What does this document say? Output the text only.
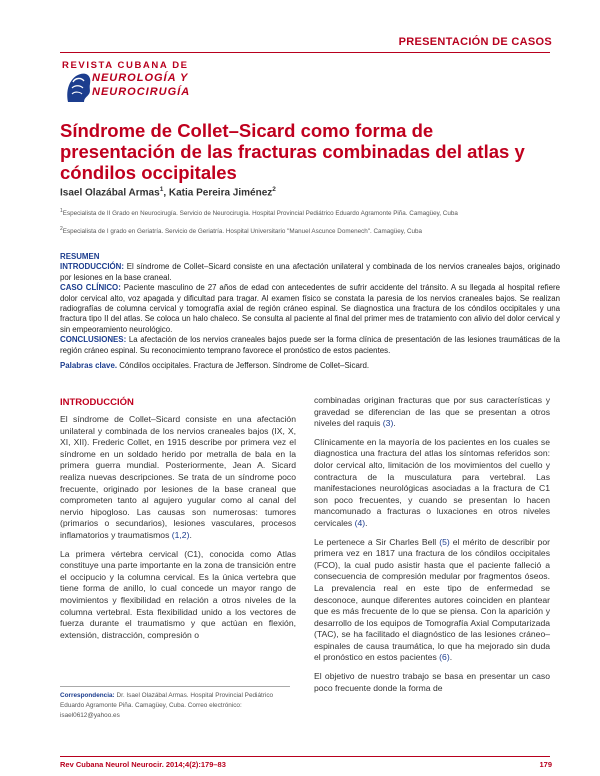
PRESENTACIÓN DE CASOS
REVISTA CUBANA DE
NEUROLOGÍA Y
NEUROCIRUGÍA
Síndrome de Collet–Sicard como forma de presentación de las fracturas combinadas del atlas y cóndilos occipitales
Isael Olazábal Armas$^1$, Katia Pereira Jiménez$^2$
$^1$Especialista de II Grado en Neurocirugía. Servicio de Neurocirugía. Hospital Provincial Pediátrico Eduardo Agramonte Piña. Camagüey, Cuba
$^2$Especialista de I grado en Geriatría. Servicio de Geriatría. Hospital Universitario "Manuel Ascunce Domenech". Camagüey, Cuba
RESUMEN
INTRODUCCIÓN: El síndrome de Collet–Sicard consiste en una afectación unilateral y combinada de los nervios craneales bajos, originado por lesiones en la base craneal.
CASO CLÍNICO: Paciente masculino de 27 años de edad con antecedentes de sufrir accidente del tránsito. A su llegada al hospital refiere dolor cervical alto, voz apagada y dificultad para tragar. Al examen físico se constata la paresia de los nervios craneales bajos. Se realizan radiografías de columna cervical y tomografía axial de región cráneo espinal. Se diagnostica una fractura de los cóndilos occipitales y una fractura tipo II del atlas. Se coloca un halo chaleco. Se consulta al paciente al final del primer mes de tratamiento con alivio del dolor cervical y sin empeoramiento neurológico.
CONCLUSIONES: La afectación de los nervios craneales bajos puede ser la forma clínica de presentación de las lesiones traumáticas de la región cráneo espinal. Su reconocimiento temprano favorece el pronóstico de estos pacientes.
Palabras clave. Cóndilos occipitales. Fractura de Jefferson. Síndrome de Collet–Sicard.
INTRODUCCIÓN

El síndrome de Collet–Sicard consiste en una afectación unilateral y combinada de los nervios craneales bajos (IX, X, XI, XII). Frederic Collet, en 1915 describe por primera vez el síndrome en un soldado herido por metralla de bala en la primera guerra mundial. Posteriormente, Jean A. Sicard realiza nuevas descripciones. Se trata de un síndrome poco frecuente, originado por lesiones de la base craneal que comprometen tanto al agujero yugular como al canal del nervio hipogloso. Las causas son numerosas: tumores (primarios o secundarios), lesiones vasculares, procesos inflamatorios y traumatismos (1,2).

La primera vértebra cervical (C1), conocida como Atlas constituye una parte importante en la zona de transición entre el occipucio y la columna cervical. Es la única vertebra que tiene forma de anillo, lo cual concede un mayor rango de movimientos y flexibilidad en relación a otros niveles de la columna vertebral. Esta flexibilidad unido a los vectores de fuerza durante el traumatismo y que actúan en flexión, extensión, distracción, compresión o

combinadas originan fracturas que por sus características y gravedad se diferencian de las que se presentan a otros niveles del raquis (3).

Clínicamente en la mayoría de los pacientes en los cuales se diagnostica una fractura del atlas los síntomas referidos son: dolor cervical alto, limitación de los movimientos del cuello y contractura de la musculatura para vertebral. Las manifestaciones neurológicas asociadas a la fractura de C1 son poco frecuentes, y cuando se presentan lo hacen mancomunado a fracturas o luxaciones en otros niveles cervicales (4).

Le pertenece a Sir Charles Bell (5) el mérito de describir por primera vez en 1817 una fractura de los cóndilos occipitales (FCO), la cual pudo asistir hasta que el paciente falleció a consecuencia de compresión medular por fragmentos óseos. La prevalencia real en este tipo de enfermedad se desconoce, aunque diferentes autores coinciden en plantear que es más frecuente de lo que se piensa. Con la aparición y desarrollo de los equipos de Tomografía Axial Computarizada (TAC), se ha facilitado el diagnóstico de las lesiones cráneo–espinales de causa traumática, lo que ha mejorado sin duda el pronóstico en estos pacientes (6).

El objetivo de nuestro trabajo se basa en presentar un caso poco frecuente donde la forma de

Correspondencia: Dr. Isael Olazábal Armas. Hospital Provincial Pediátrico Eduardo Agramonte Piña. Camagüey, Cuba. Correo electrónico: isael0612@yahoo.es
Rev Cubana Neurol Neurocir. 2014;4(2):179–83	179
